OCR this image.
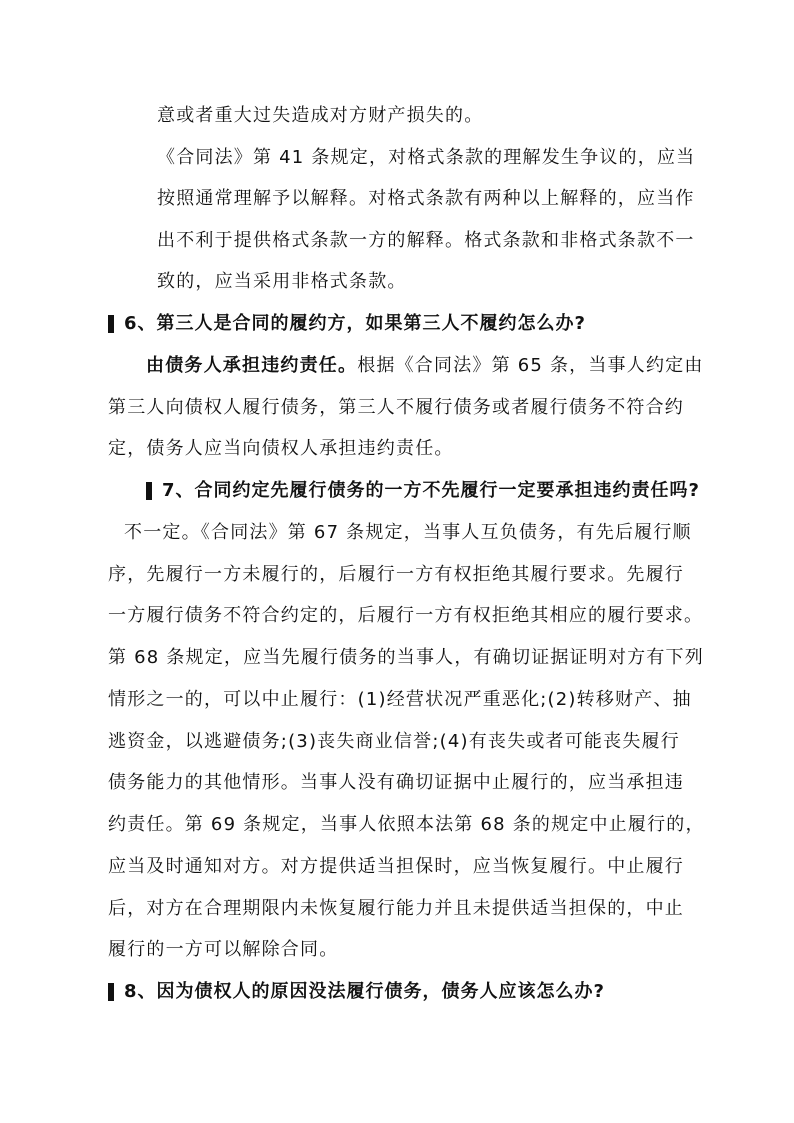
意或者重大过失造成对方财产损失的。
《合同法》第 41 条规定，对格式条款的理解发生争议的，应当
按照通常理解予以解释。对格式条款有两种以上解释的，应当作
出不利于提供格式条款一方的解释。格式条款和非格式条款不一
致的，应当采用非格式条款。
6、第三人是合同的履约方，如果第三人不履约怎么办?
由债务人承担违约责任。根据《合同法》第 65 条，当事人约定由
第三人向债权人履行债务，第三人不履行债务或者履行债务不符合约
定，债务人应当向债权人承担违约责任。
7、合同约定先履行债务的一方不先履行一定要承担违约责任吗?
不一定。《合同法》第 67 条规定，当事人互负债务，有先后履行顺
序，先履行一方未履行的，后履行一方有权拒绝其履行要求。先履行
一方履行债务不符合约定的，后履行一方有权拒绝其相应的履行要求。
第 68 条规定，应当先履行债务的当事人，有确切证据证明对方有下列
情形之一的，可以中止履行：(1)经营状况严重恶化;(2)转移财产、抽
逃资金，以逃避债务;(3)丧失商业信誉;(4)有丧失或者可能丧失履行
债务能力的其他情形。当事人没有确切证据中止履行的，应当承担违
约责任。第 69 条规定，当事人依照本法第 68 条的规定中止履行的，
应当及时通知对方。对方提供适当担保时，应当恢复履行。中止履行
后，对方在合理期限内未恢复履行能力并且未提供适当担保的，中止
履行的一方可以解除合同。
8、因为债权人的原因没法履行债务，债务人应该怎么办?
